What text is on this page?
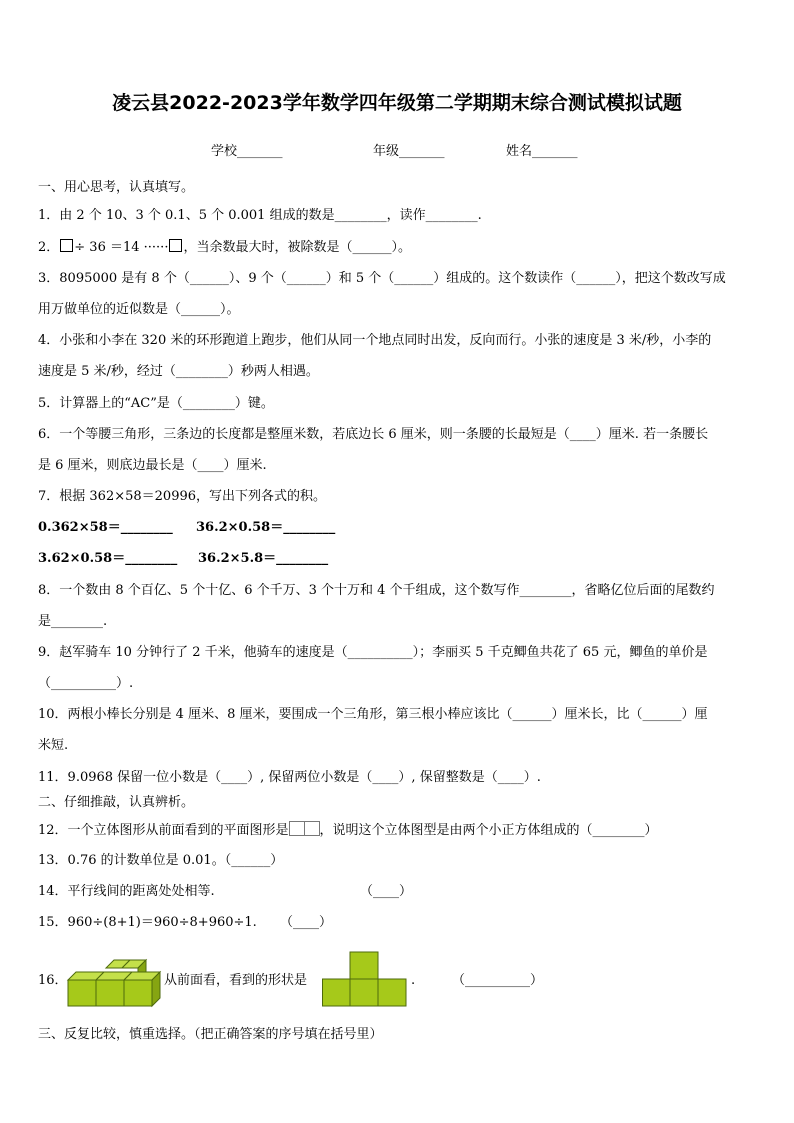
凌云县2022-2023学年数学四年级第二学期期末综合测试模拟试题
学校_______	年级_______	姓名_______
一、用心思考，认真填写。
1．由 2 个 10、3 个 0.1、5 个 0.001 组成的数是________，读作________.
2． ÷ 36 ＝14 ······ ，当余数最大时，被除数是（______）。
3．8095000 是有 8 个（______）、9 个（______）和 5 个（______）组成的。这个数读作（______），把这个数改写成
用万做单位的近似数是（______）。
4．小张和小李在 320 米的环形跑道上跑步，他们从同一个地点同时出发，反向而行。小张的速度是 3 米/秒，小李的
速度是 5 米/秒，经过（________）秒两人相遇。
5．计算器上的“AC”是（________）键。
6．一个等腰三角形，三条边的长度都是整厘米数，若底边长 6 厘米，则一条腰的长最短是（____）厘米. 若一条腰长
是 6 厘米，则底边最长是（____）厘米.
7．根据 362×58＝20996，写出下列各式的积。
0.362×58＝________	36.2×0.58＝________
3.62×0.58＝________	36.2×5.8＝________
8．一个数由 8 个百亿、5 个十亿、6 个千万、3 个十万和 4 个千组成，这个数写作________，省略亿位后面的尾数约
是________.
9．赵军骑车 10 分钟行了 2 千米，他骑车的速度是（__________）；李丽买 5 千克鲫鱼共花了 65 元，鲫鱼的单价是
（__________）.
10．两根小棒长分别是 4 厘米、8 厘米，要围成一个三角形，第三根小棒应该比（______）厘米长，比（______）厘
米短.
11．9.0968 保留一位小数是（____）, 保留两位小数是（____）, 保留整数是（____）.
二、仔细推敲，认真辨析。
12．一个立体图形从前面看到的平面图形是 ，说明这个立体图型是由两个小正方体组成的（________）
13．0.76 的计数单位是 0.01。（______）
14．平行线间的距离处处相等.	（____）
15．960÷(8+1)＝960÷8+960÷1.	（____）
16．	从前面看，看到的形状是	.	（__________）
三、反复比较，慎重选择。（把正确答案的序号填在括号里）
